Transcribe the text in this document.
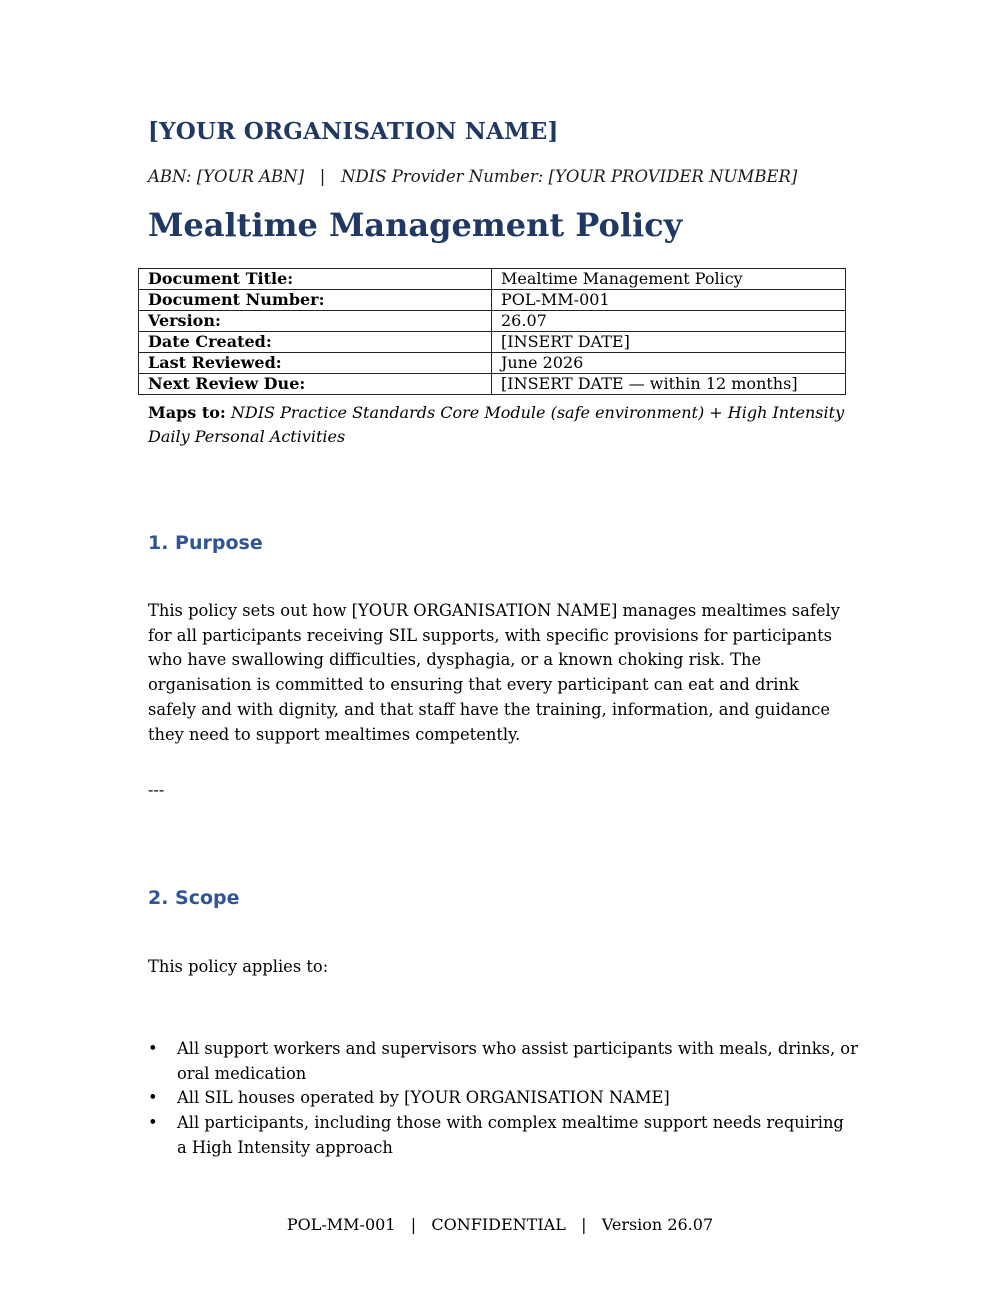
[YOUR ORGANISATION NAME]
ABN: [YOUR ABN]   |   NDIS Provider Number: [YOUR PROVIDER NUMBER]
Mealtime Management Policy
Document Title:	Mealtime Management Policy
Document Number:	POL-MM-001
Version:	26.07
Date Created:	[INSERT DATE]
Last Reviewed:	June 2026
Next Review Due:	[INSERT DATE — within 12 months]
Maps to: NDIS Practice Standards Core Module (safe environment) + High Intensity Daily Personal Activities
1. Purpose
This policy sets out how [YOUR ORGANISATION NAME] manages mealtimes safely for all participants receiving SIL supports, with specific provisions for participants who have swallowing difficulties, dysphagia, or a known choking risk. The organisation is committed to ensuring that every participant can eat and drink safely and with dignity, and that staff have the training, information, and guidance they need to support mealtimes competently.
---
2. Scope
This policy applies to:
• All support workers and supervisors who assist participants with meals, drinks, or oral medication
• All SIL houses operated by [YOUR ORGANISATION NAME]
• All participants, including those with complex mealtime support needs requiring a High Intensity approach
POL-MM-001   |   CONFIDENTIAL   |   Version 26.07
